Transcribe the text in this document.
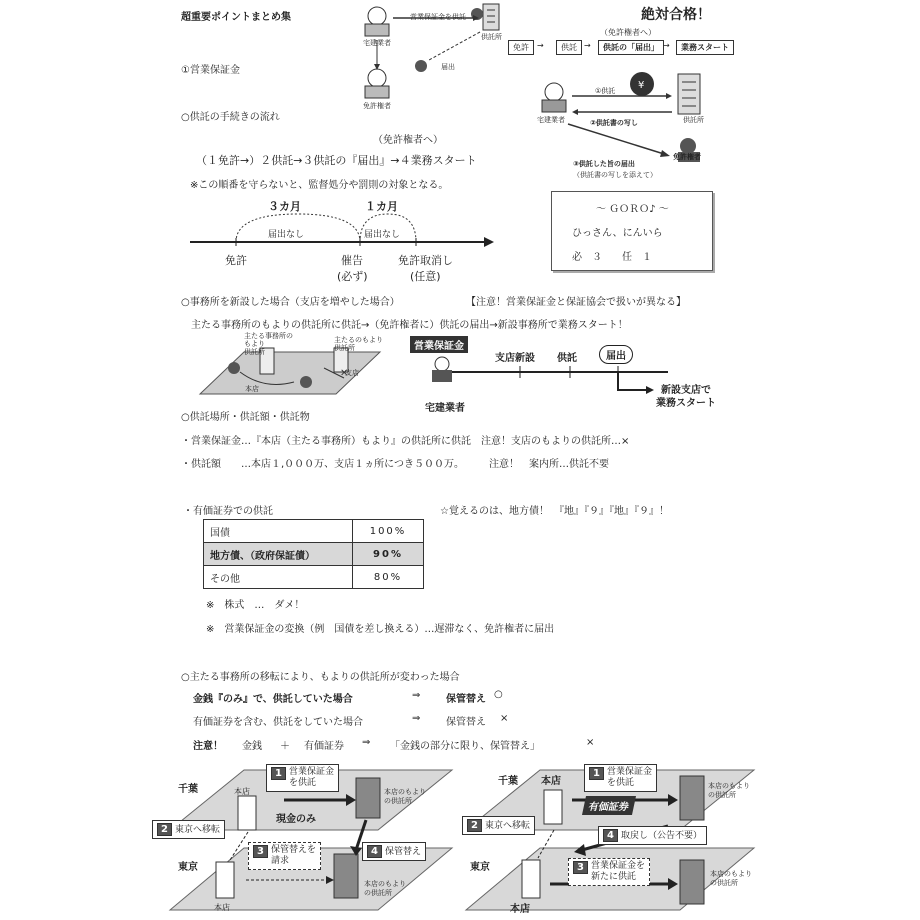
超重要ポイントまとめ集	絶対合格！
営業保証金を供託
供託所
届出
宅建業者
免許権者
（免許権者へ）
免許	→	供託 →	供託の「届出」 →	業務スタート
¥
①供託
②供託書の写し
宅建業者	供託所
③供託した旨の届出
（供託書の写しを添えて）
免許権者
①営業保証金
○供託の手続きの流れ
（免許権者へ）
（１免許→）２供託→３供託の『届出』→４業務スタート
※この順番を守らないと、監督処分や罰則の対象となる。
３カ月	１カ月
届出なし	届出なし
免許	催告
(必ず)
免許取消し
(任意)
～ ＧＯＲＯ♪ ～
ひっさん、にんいら
必　３　　任　１
○事務所を新設した場合（支店を増やした場合）	【注意！営業保証金と保証協会で扱いが異なる】
主たる事務所のもよりの供託所に供託→（免許権者に）供託の届出→新設事務所で業務スタート！
✕
主たる事務所の
もより
供託所
主たるのもより
供託所
本店
支店
営業保証金
支店新設 供託	届出
宅建業者
新設支店で
業務スタート
○供託場所・供託額・供託物
・営業保証金…『本店（主たる事務所）もより』の供託所に供託　注意！支店のもよりの供託所…×
・供託額　　…本店１,０００万、支店１ヵ所につき５００万。　　　注意！　案内所…供託不要
・有価証券での供託	☆覚えるのは、地方債！　『地』『９』『地』『９』！
国債	100%
地方債、（政府保証債）	90%
その他	80%
※　株式　…　ダメ！
※　営業保証金の変換（例　国債を差し換える）…遅滞なく、免許権者に届出
○主たる事務所の移転により、もよりの供託所が変わった場合
金銭『のみ』で、供託していた場合	⇒	保管替え ○
有価証券を含む、供託をしていた場合	⇒	保管替え ×
注意！ 金銭 ＋ 有価証券 ⇒ 「金銭の部分に限り、保管替え」	×
千葉
東京
本店
1 営業保証金
を供託
現金のみ
2 東京へ移転
3 保管替えを
請求
4 保管替え
本店のもより
の供託所
本店のもより
の供託所
本店
千葉
東京
本店
1 営業保証金
を供託
有価証券
2 東京へ移転
4 取戻し（公告不要）
3 営業保証金を
新たに供託
本店のもより
の供託所
本店のもより
の供託所
本店
